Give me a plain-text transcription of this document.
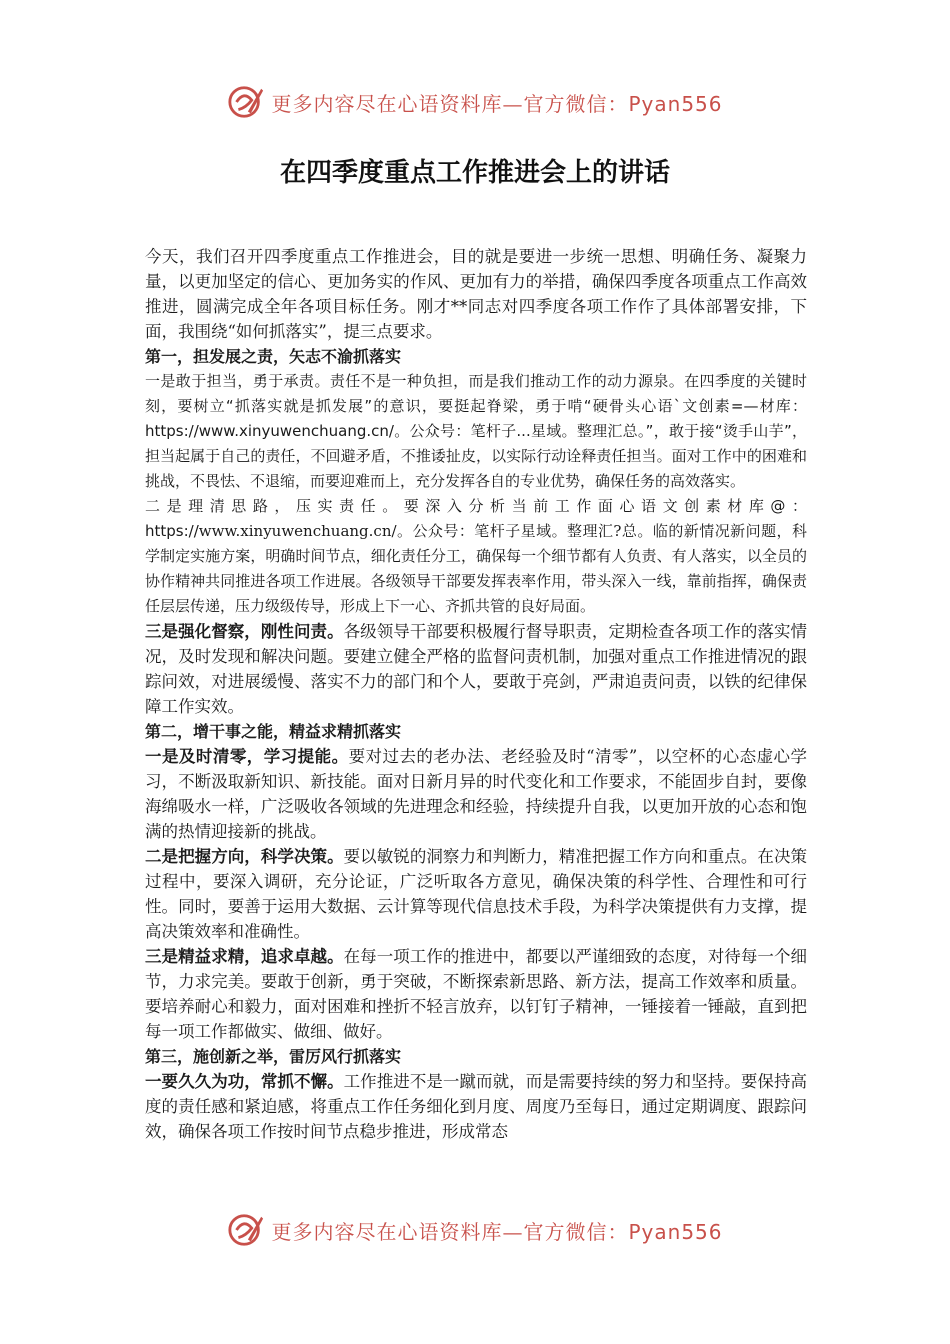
更多内容尽在心语资料库—官方微信：Pyan556
在四季度重点工作推进会上的讲话

今天，我们召开四季度重点工作推进会，目的就是要进一步统一思想、明确任务、凝聚力量，以更加坚定的信心、更加务实的作风、更加有力的举措，确保四季度各项重点工作高效推进，圆满完成全年各项目标任务。刚才**同志对四季度各项工作作了具体部署安排，下面，我围绕“如何抓落实”，提三点要求。

第一，担发展之责，矢志不渝抓落实

一是敢于担当，勇于承责。责任不是一种负担，而是我们推动工作的动力源泉。在四季度的关键时刻，要树立“抓落实就是抓发展”的意识，要挺起脊梁，勇于啃“硬骨头心语`文创素=—材库：https://www.xinyuwenchuang.cn/。公众号：笔杆子...星域。整理汇总。”，敢于接“烫手山芋”，担当起属于自己的责任，不回避矛盾，不推诿扯皮，以实际行动诠释责任担当。面对工作中的困难和挑战，不畏怯、不退缩，而要迎难而上，充分发挥各自的专业优势，确保任务的高效落实。

二是理清思路，压实责任。要深入分析当前工作面心语文创素材库@：https://www.xinyuwenchuang.cn/。公众号：笔杆子星域。整理汇?总。临的新情况新问题，科学制定实施方案，明确时间节点，细化责任分工，确保每一个细节都有人负责、有人落实，以全员的协作精神共同推进各项工作进展。各级领导干部要发挥表率作用，带头深入一线，靠前指挥，确保责任层层传递，压力级级传导，形成上下一心、齐抓共管的良好局面。

三是强化督察，刚性问责。各级领导干部要积极履行督导职责，定期检查各项工作的落实情况，及时发现和解决问题。要建立健全严格的监督问责机制，加强对重点工作推进情况的跟踪问效，对进展缓慢、落实不力的部门和个人，要敢于亮剑，严肃追责问责，以铁的纪律保障工作实效。

第二，增干事之能，精益求精抓落实

一是及时清零，学习提能。要对过去的老办法、老经验及时“清零”，以空杯的心态虚心学习，不断汲取新知识、新技能。面对日新月异的时代变化和工作要求，不能固步自封，要像海绵吸水一样，广泛吸收各领域的先进理念和经验，持续提升自我，以更加开放的心态和饱满的热情迎接新的挑战。

二是把握方向，科学决策。要以敏锐的洞察力和判断力，精准把握工作方向和重点。在决策过程中，要深入调研，充分论证，广泛听取各方意见，确保决策的科学性、合理性和可行性。同时，要善于运用大数据、云计算等现代信息技术手段，为科学决策提供有力支撑，提高决策效率和准确性。

三是精益求精，追求卓越。在每一项工作的推进中，都要以严谨细致的态度，对待每一个细节，力求完美。要敢于创新，勇于突破，不断探索新思路、新方法，提高工作效率和质量。要培养耐心和毅力，面对困难和挫折不轻言放弃，以钉钉子精神，一锤接着一锤敲，直到把每一项工作都做实、做细、做好。

第三，施创新之举，雷厉风行抓落实

一要久久为功，常抓不懈。工作推进不是一蹴而就，而是需要持续的努力和坚持。要保持高度的责任感和紧迫感，将重点工作任务细化到月度、周度乃至每日，通过定期调度、跟踪问效，确保各项工作按时间节点稳步推进，形成常态

更多内容尽在心语资料库—官方微信：Pyan556
